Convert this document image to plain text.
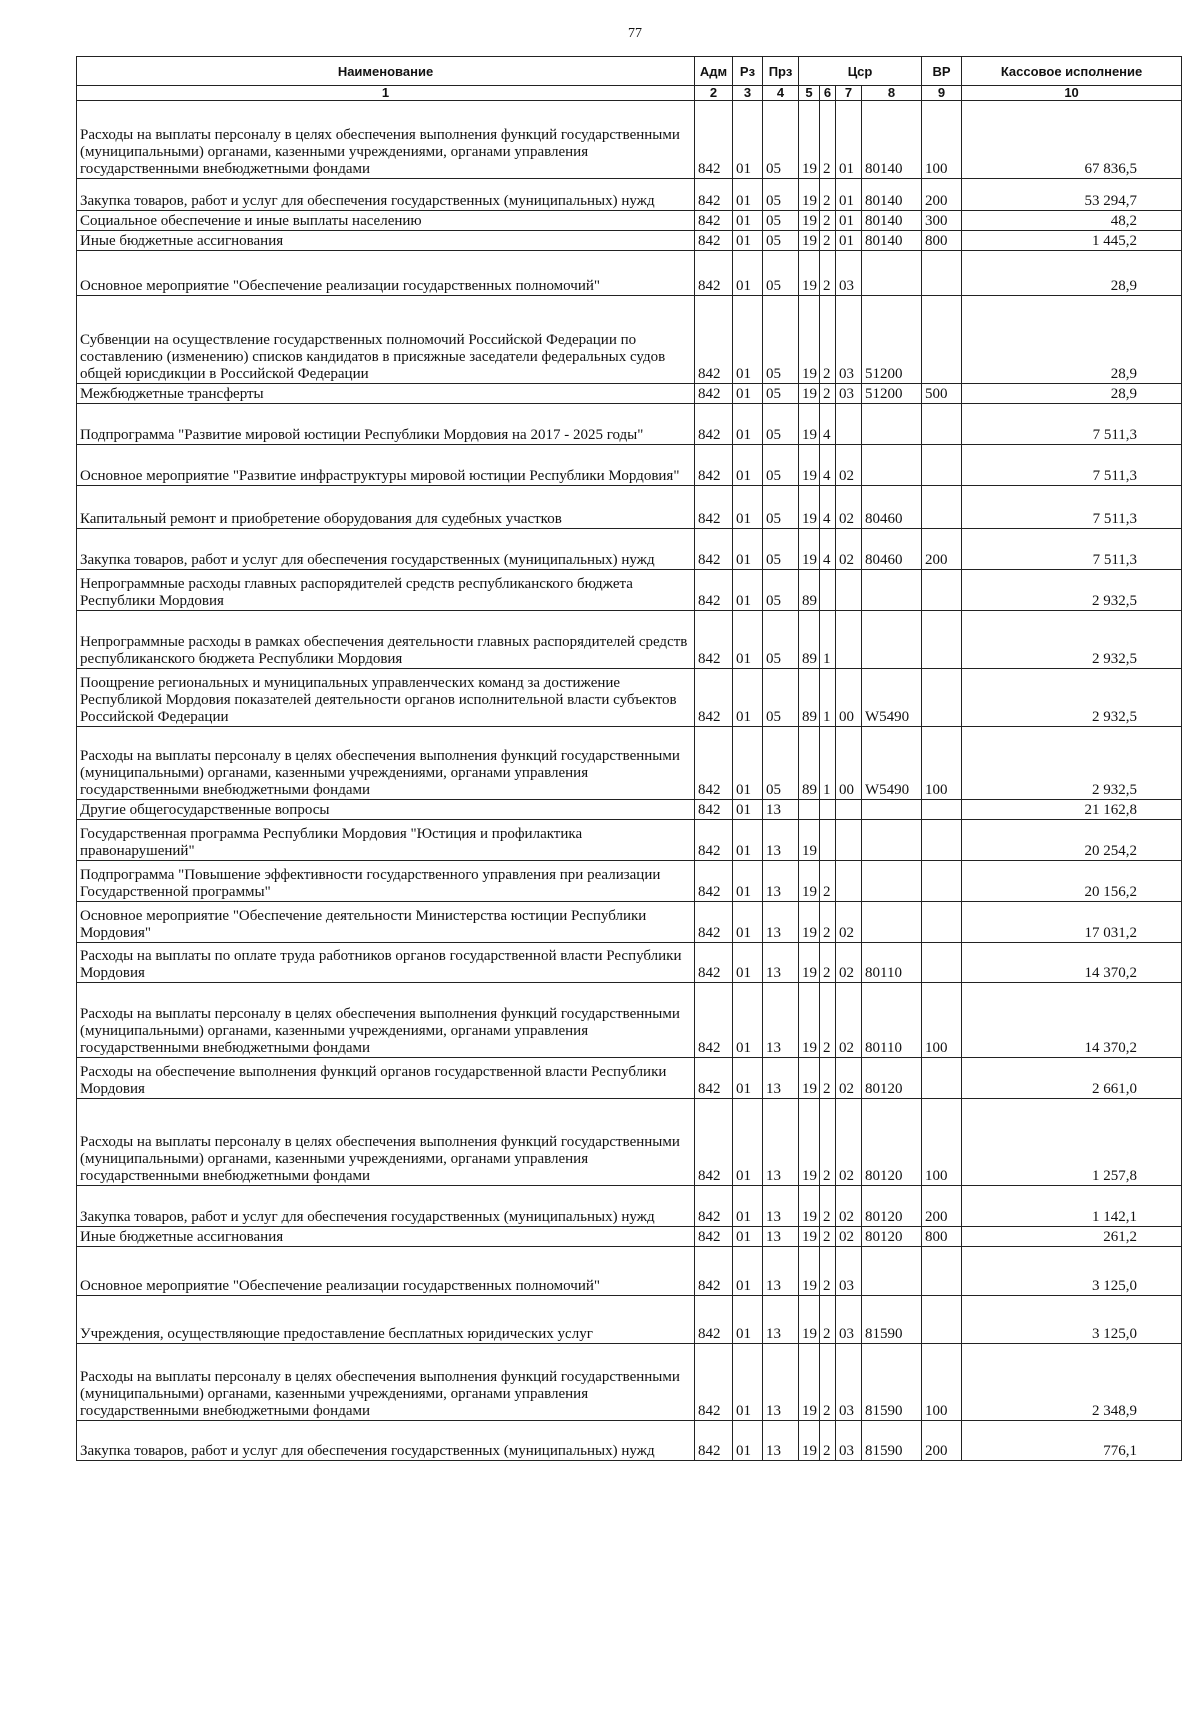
77
Наименование	Адм	Рз	Прз	Цср				ВР	Кассовое исполнение
1	2	3	4	5	6	7	8	9	10
Расходы на выплаты персоналу в целях обеспечения выполнения функций государственными (муниципальными) органами, казенными учреждениями, органами управления государственными внебюджетными фондами	842	01	05	19	2	01	80140	100	67 836,5
Закупка товаров, работ и услуг для обеспечения государственных (муниципальных) нужд	842	01	05	19	2	01	80140	200	53 294,7
Социальное обеспечение и иные выплаты населению	842	01	05	19	2	01	80140	300	48,2
Иные бюджетные ассигнования	842	01	05	19	2	01	80140	800	1 445,2
Основное мероприятие "Обеспечение реализации государственных полномочий"	842	01	05	19	2	03			28,9
Субвенции на осуществление государственных полномочий Российской Федерации по составлению (изменению) списков кандидатов в присяжные заседатели федеральных судов общей юрисдикции в Российской Федерации	842	01	05	19	2	03	51200		28,9
Межбюджетные трансферты	842	01	05	19	2	03	51200	500	28,9
Подпрограмма "Развитие мировой юстиции Республики Мордовия на 2017 - 2025 годы"	842	01	05	19	4				7 511,3
Основное мероприятие "Развитие инфраструктуры мировой юстиции Республики Мордовия"	842	01	05	19	4	02			7 511,3
Капитальный ремонт и приобретение оборудования для судебных участков	842	01	05	19	4	02	80460		7 511,3
Закупка товаров, работ и услуг для обеспечения государственных (муниципальных) нужд	842	01	05	19	4	02	80460	200	7 511,3
Непрограммные расходы главных распорядителей средств республиканского бюджета Республики Мордовия	842	01	05	89					2 932,5
Непрограммные расходы в рамках обеспечения деятельности главных распорядителей средств республиканского бюджета Республики Мордовия	842	01	05	89	1				2 932,5
Поощрение региональных и муниципальных управленческих команд за достижение Республикой Мордовия показателей деятельности органов исполнительной власти субъектов Российской Федерации	842	01	05	89	1	00	W5490		2 932,5
Расходы на выплаты персоналу в целях обеспечения выполнения функций государственными (муниципальными) органами, казенными учреждениями, органами управления государственными внебюджетными фондами	842	01	05	89	1	00	W5490	100	2 932,5
Другие общегосударственные вопросы	842	01	13						21 162,8
Государственная программа Республики Мордовия "Юстиция и профилактика правонарушений"	842	01	13	19					20 254,2
Подпрограмма "Повышение эффективности государственного управления при реализации Государственной программы"	842	01	13	19	2				20 156,2
Основное мероприятие "Обеспечение деятельности Министерства юстиции Республики Мордовия"	842	01	13	19	2	02			17 031,2
Расходы на выплаты по оплате труда работников органов государственной власти Республики Мордовия	842	01	13	19	2	02	80110		14 370,2
Расходы на выплаты персоналу в целях обеспечения выполнения функций государственными (муниципальными) органами, казенными учреждениями, органами управления государственными внебюджетными фондами	842	01	13	19	2	02	80110	100	14 370,2
Расходы на обеспечение выполнения функций органов государственной власти Республики Мордовия	842	01	13	19	2	02	80120		2 661,0
Расходы на выплаты персоналу в целях обеспечения выполнения функций государственными (муниципальными) органами, казенными учреждениями, органами управления государственными внебюджетными фондами	842	01	13	19	2	02	80120	100	1 257,8
Закупка товаров, работ и услуг для обеспечения государственных (муниципальных) нужд	842	01	13	19	2	02	80120	200	1 142,1
Иные бюджетные ассигнования	842	01	13	19	2	02	80120	800	261,2
Основное мероприятие "Обеспечение реализации государственных полномочий"	842	01	13	19	2	03			3 125,0
Учреждения, осуществляющие предоставление бесплатных юридических услуг	842	01	13	19	2	03	81590		3 125,0
Расходы на выплаты персоналу в целях обеспечения выполнения функций государственными (муниципальными) органами, казенными учреждениями, органами управления государственными внебюджетными фондами	842	01	13	19	2	03	81590	100	2 348,9
Закупка товаров, работ и услуг для обеспечения государственных (муниципальных) нужд	842	01	13	19	2	03	81590	200	776,1
